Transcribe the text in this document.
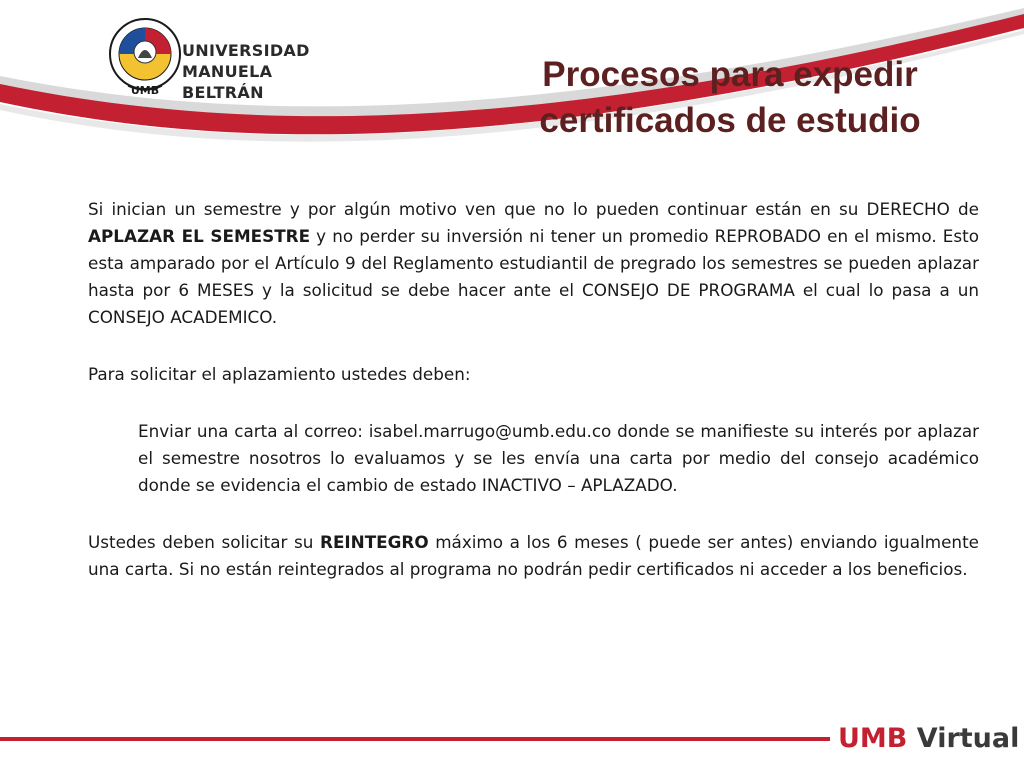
UMB
UNIVERSIDAD
MANUELA BELTRÁN	Procesos para expedir
certificados de estudio

Si inician un semestre y por algún motivo ven que no lo pueden continuar están en su DERECHO de APLAZAR EL SEMESTRE y no perder su inversión ni tener un promedio REPROBADO en el mismo. Esto esta amparado por el Artículo 9 del Reglamento estudiantil de pregrado los semestres se pueden aplazar hasta por 6 MESES y la solicitud se debe hacer ante el CONSEJO DE PROGRAMA el cual lo pasa a un CONSEJO ACADEMICO.

Para solicitar el aplazamiento ustedes deben:

Enviar una carta al correo: isabel.marrugo@umb.edu.co donde se manifieste su interés por aplazar el semestre nosotros lo evaluamos y se les envía una carta por medio del consejo académico donde se evidencia el cambio de estado INACTIVO – APLAZADO.

Ustedes deben solicitar su REINTEGRO máximo a los 6 meses ( puede ser antes) enviando igualmente una carta. Si no están reintegrados al programa no podrán pedir certificados ni acceder a los beneficios.

UMB Virtual
